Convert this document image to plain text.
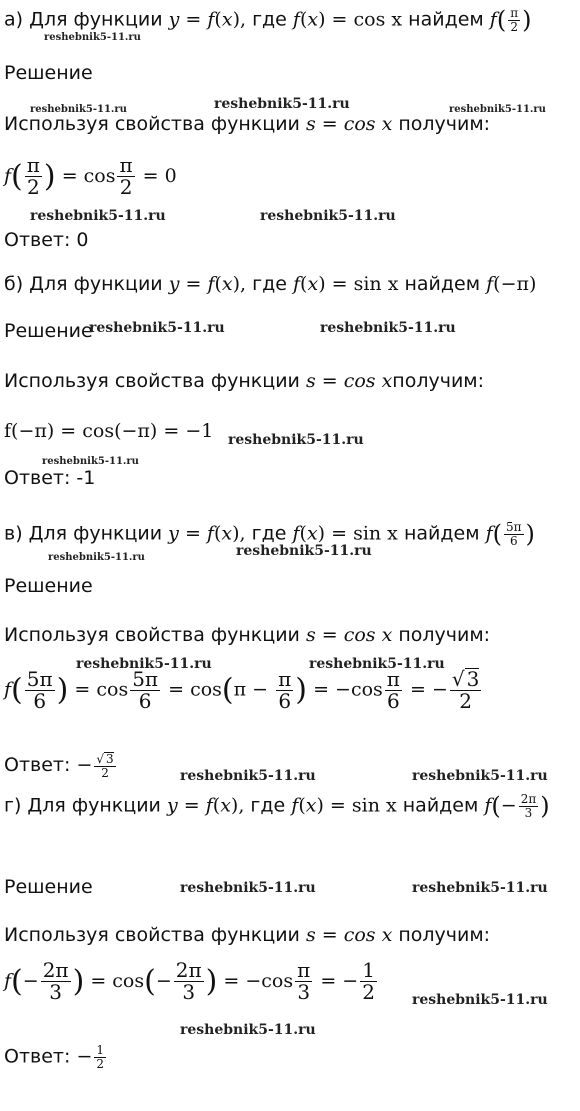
а) Для функции y = f(x), где f(x) = cos x найдем $f( \frac{\pi}{2}$ )
Решение
Используя свойства функции s = cos x получим:
$f( \frac{\pi}{2}$ ) = $\cos \frac{\pi}{2} = 0$
Ответ: 0
б) Для функции y = f(x), где f(x) = sin x найдем f(−π)
Решение
Используя свойства функции s = cos xполучим:
f(−π) = cos(−π) = −1
Ответ: -1
в) Для функции y = f(x), где f(x) = sin x найдем $f( \frac{5\pi}{6}$ )
Решение
Используя свойства функции s = cos x получим:
$f( \frac{5\pi}{6}$ ) = $\cos \frac{5\pi}{6} = \cos(\pi - \frac{\pi}{6}$ ) = $-\cos \frac{\pi}{6}$ = − $\frac{√ 3}{2}$
Ответ: − $\frac{√ 3}{2}$
г) Для функции y = f(x), где f(x) = sin x найдем $f(- \frac{2\pi}{3}$ )
Решение
Используя свойства функции s = cos x получим:
$f(- \frac{2\pi}{3}$ ) = $\cos(- \frac{2\pi}{3}$ ) = $-\cos \frac{\pi}{3}$ = − $\frac{1}{2}$
Ответ: − $\frac{1}{2}$
reshebnik5-11.ru
reshebnik5-11.ru	reshebnik5-11.ru	reshebnik5-11.ru
reshebnik5-11.ru	reshebnik5-11.ru
reshebnik5-11.ru	reshebnik5-11.ru
reshebnik5-11.ru
reshebnik5-11.ru
reshebnik5-11.ru	reshebnik5-11.ru
reshebnik5-11.ru	reshebnik5-11.ru
reshebnik5-11.ru	reshebnik5-11.ru
reshebnik5-11.ru	reshebnik5-11.ru
reshebnik5-11.ru
reshebnik5-11.ru
